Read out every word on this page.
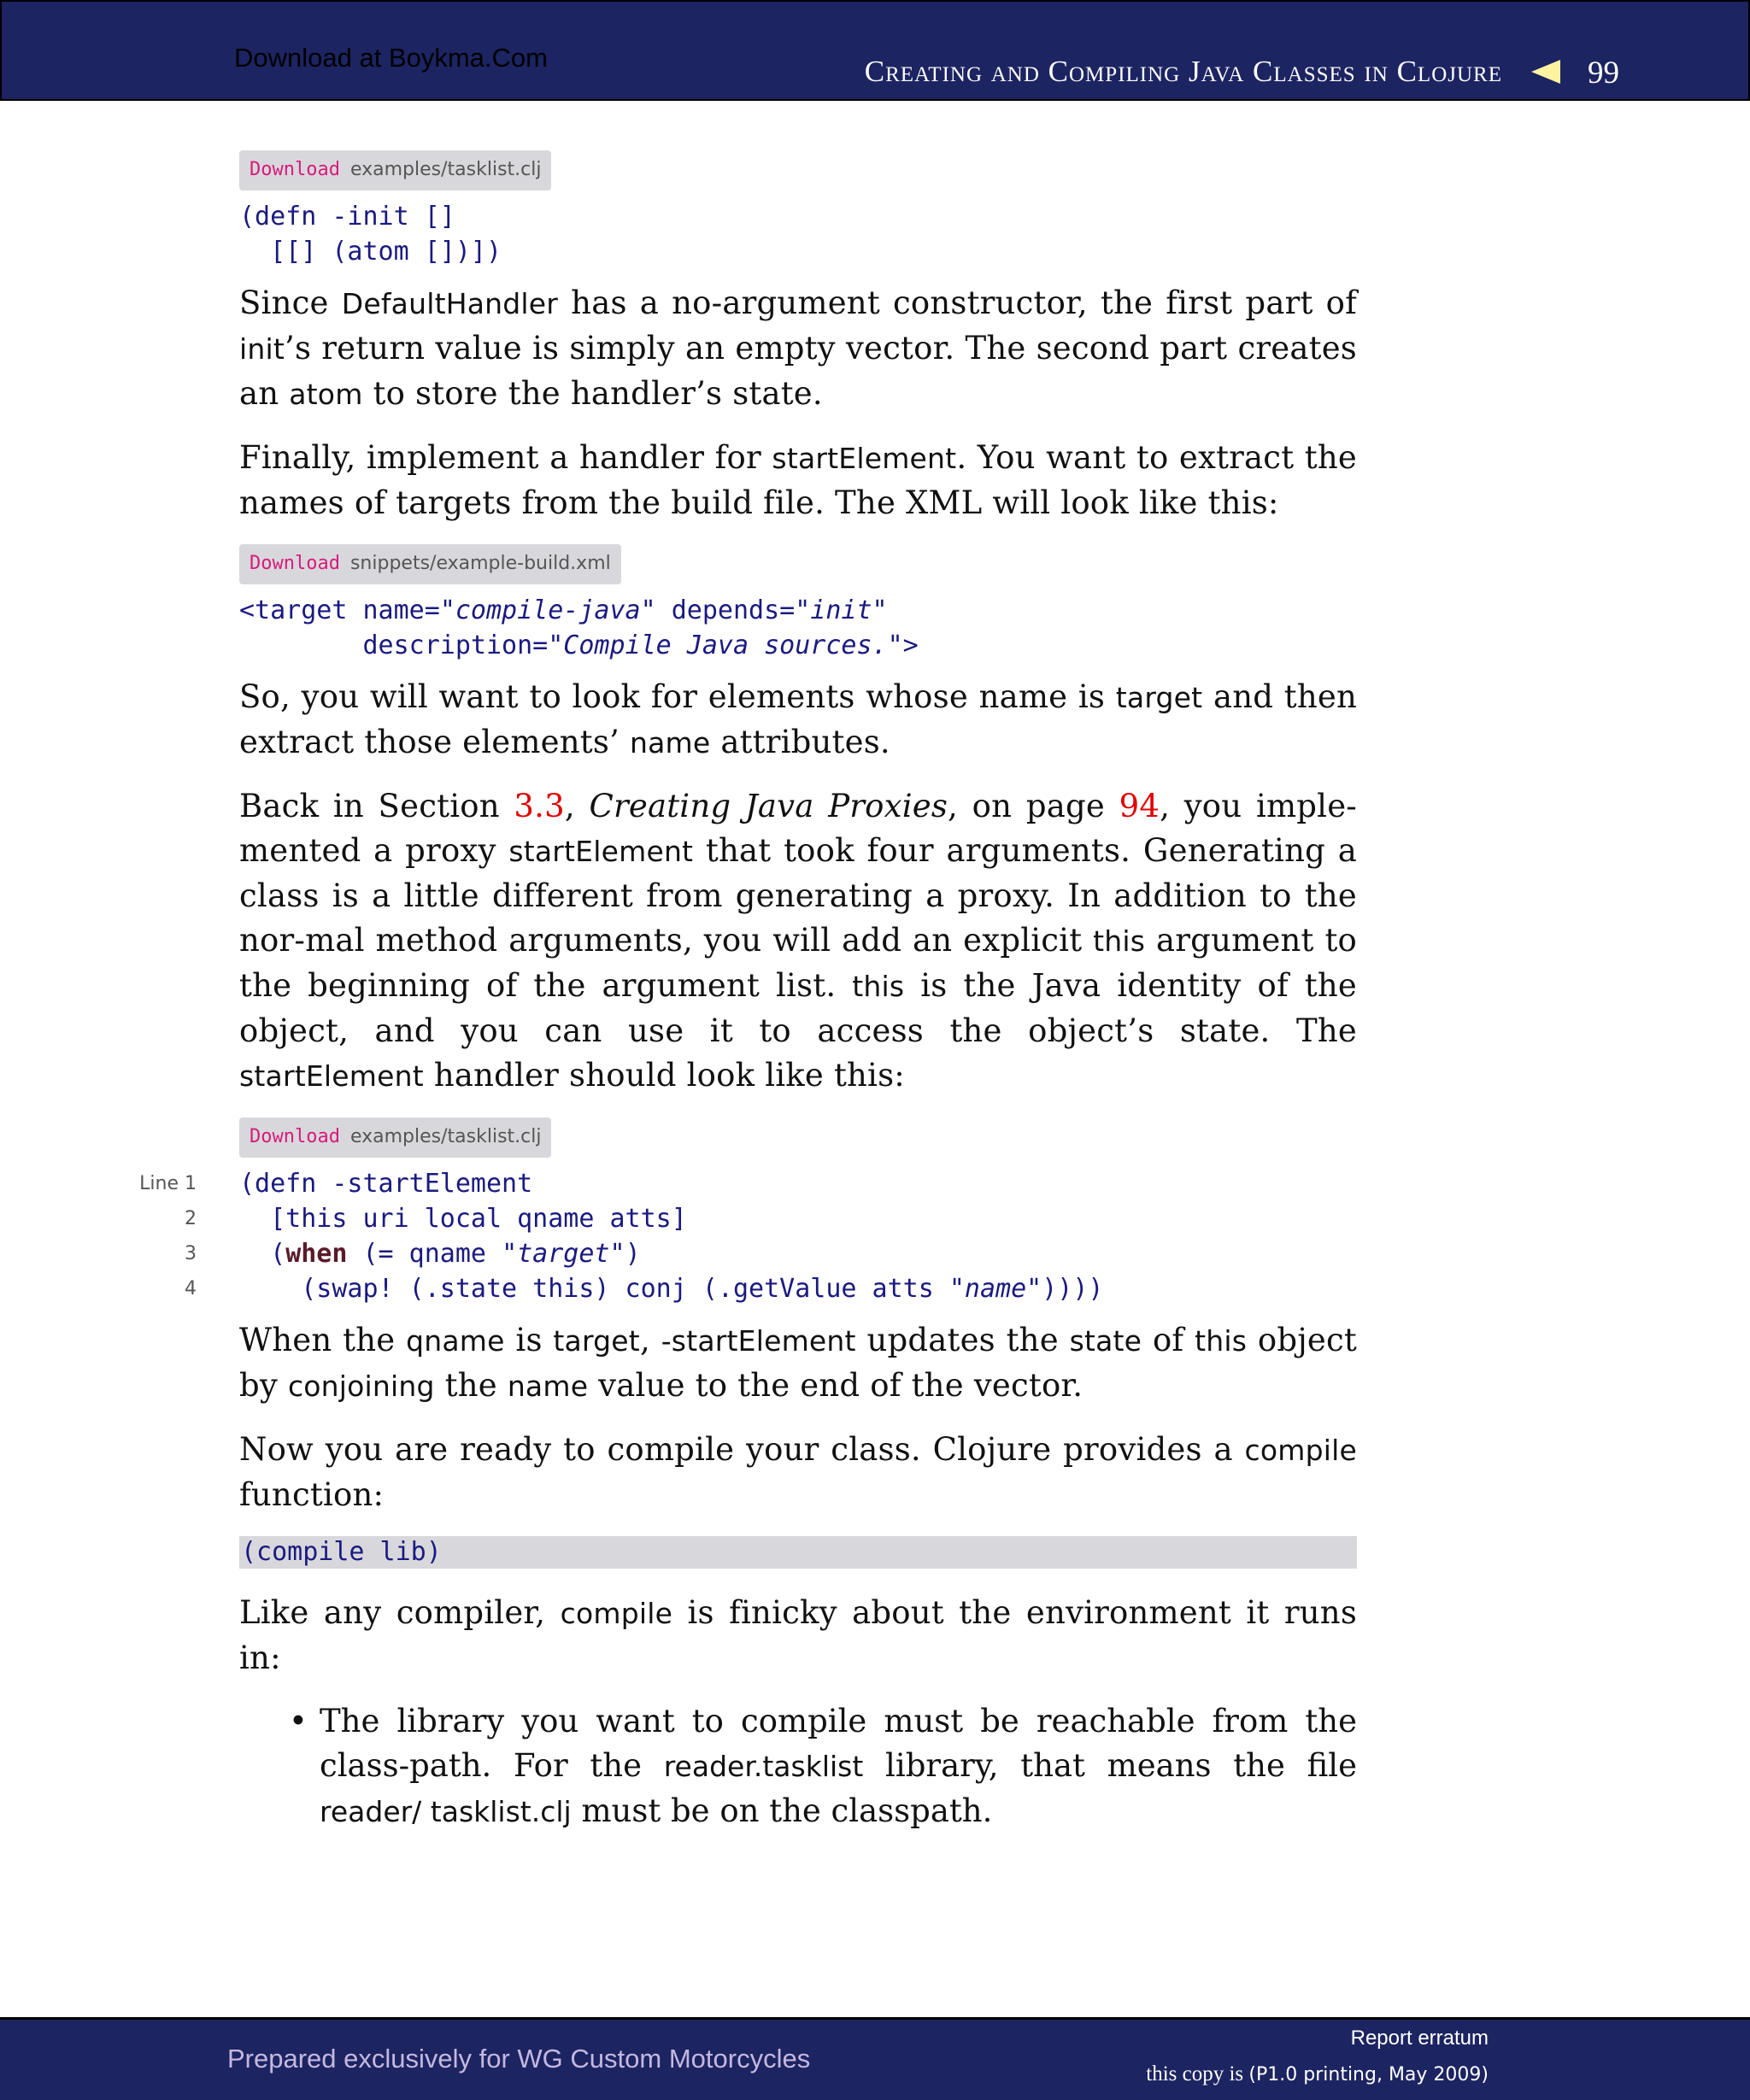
Download at Boykma.Com	Creating and Compiling Java Classes in Clojure	99
Download examples/tasklist.clj
(defn -init []
[[] (atom [])])

Since DefaultHandler has a no-argument constructor, the first part of init’s return value is simply an empty vector. The second part creates an atom to store the handler’s state.

Finally, implement a handler for startElement. You want to extract the names of targets from the build file. The XML will look like this:

Download snippets/example-build.xml
<target name="compile-java" depends="init"
description="Compile Java sources.">

So, you will want to look for elements whose name is target and then extract those elements’ name attributes.

Back in Section 3.3, Creating Java Proxies, on page 94, you imple-mented a proxy startElement that took four arguments. Generating a class is a little different from generating a proxy. In addition to the nor-mal method arguments, you will add an explicit this argument to the beginning of the argument list. this is the Java identity of the object, and you can use it to access the object’s state. The startElement handler should look like this:

Download examples/tasklist.clj
Line 1 (defn -startElement
2 [this uri local qname atts]
3 (when (= qname "target")
4 (swap! (.state this) conj (.getValue atts "name"))))

When the qname is target, -startElement updates the state of this object by conjoining the name value to the end of the vector.

Now you are ready to compile your class. Clojure provides a compile function:

(compile lib)

Like any compiler, compile is finicky about the environment it runs in:

• The library you want to compile must be reachable from the class-path. For the reader.tasklist library, that means the file reader/ tasklist.clj must be on the classpath.
Prepared exclusively for WG Custom Motorcycles
Report erratum
this copy is (P1.0 printing, May 2009)
